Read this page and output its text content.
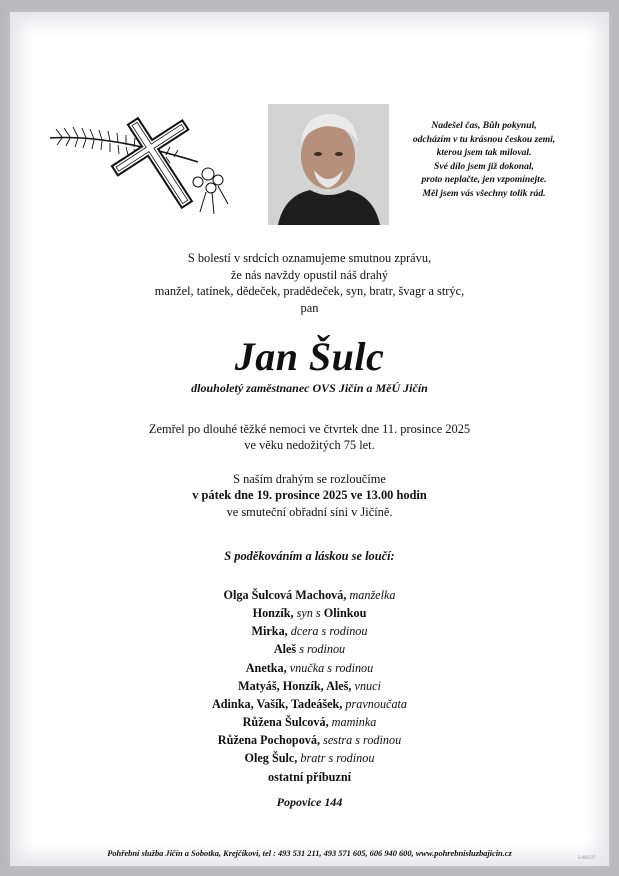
Nadešel čas, Bůh pokynul,
odcházím v tu krásnou českou zemi,
kterou jsem tak miloval.
Své dílo jsem již dokonal,
proto neplačte, jen vzpomínejte.
Měl jsem vás všechny tolik rád.
S bolestí v srdcích oznamujeme smutnou zprávu,
že nás navždy opustil náš drahý
manžel, tatínek, dědeček, pradědeček, syn, bratr, švagr a strýc,
pan
Jan Šulc
dlouholetý zaměstnanec OVS Jičín a MěÚ Jičín
Zemřel po dlouhé těžké nemoci ve čtvrtek dne 11. prosince 2025
ve věku nedožitých 75 let.
S naším drahým se rozloučíme
v pátek dne 19. prosince 2025 ve 13.00 hodin
ve smuteční obřadní síni v Jičíně.
S poděkováním a láskou se loučí:
Olga Šulcová Machová, manželka
Honzík, syn s Olinkou
Mirka, dcera s rodinou
Aleš s rodinou
Anetka, vnučka s rodinou
Matyáš, Honzík, Aleš, vnuci
Adinka, Vašík, Tadeášek, pravnoučata
Růžena Šulcová, maminka
Růžena Pochopová, sestra s rodinou
Oleg Šulc, bratr s rodinou
ostatní příbuzní
Popovice 144
Pohřební služba Jičín a Sobotka, Krejčíkovi, tel : 493 531 211, 493 571 605, 606 940 600, www.pohrebnisluzbajicin.cz	S-W/D37
